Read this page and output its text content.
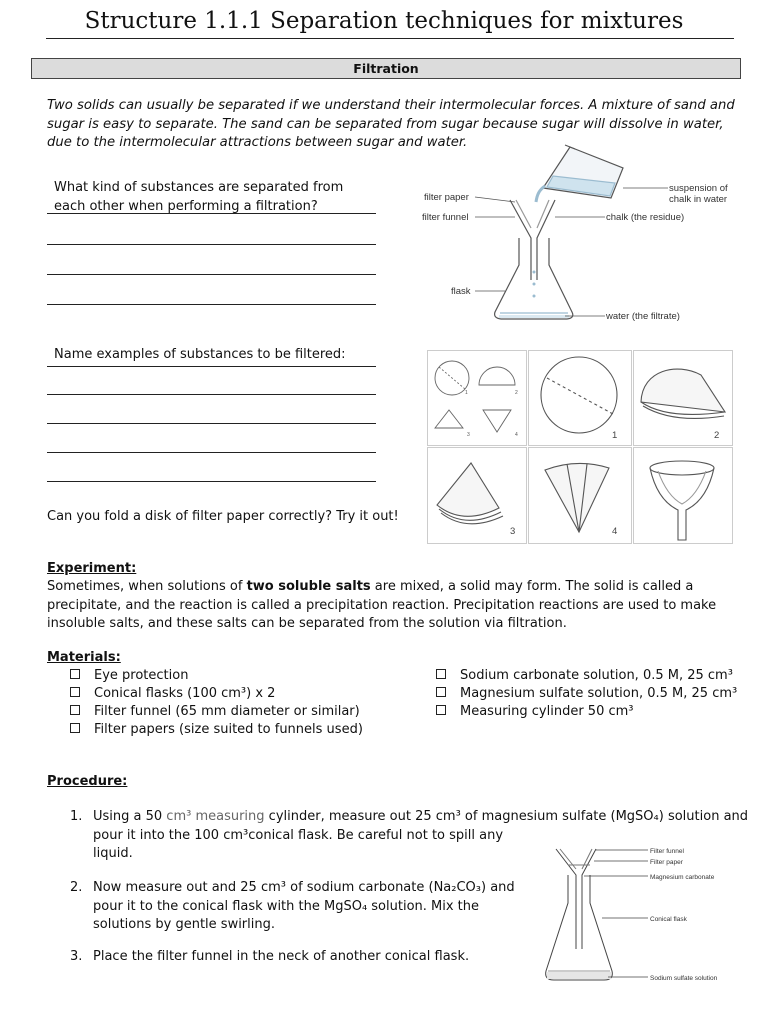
Structure 1.1.1 Separation techniques for mixtures
Filtration
Two solids can usually be separated if we understand their intermolecular forces. A mixture of sand and sugar is easy to separate. The sand can be separated from sugar because sugar will dissolve in water, due to the intermolecular attractions between sugar and water.
What kind of substances are separated from each other when performing a filtration?
Name examples of substances to be filtered:
Can you fold a disk of filter paper correctly? Try it out!
filter paper
filter funnel
flask
suspension of
chalk in water
chalk (the residue)
water (the filtrate)
1	2
3	4	1	2
3	4
Experiment:
Sometimes, when solutions of two soluble salts are mixed, a solid may form. The solid is called a precipitate, and the reaction is called a precipitation reaction. Precipitation reactions are used to make insoluble salts, and these salts can be separated from the solution via filtration.
Materials:
Eye protection
Conical flasks (100 cm³) x 2
Filter funnel (65 mm diameter or similar)
Filter papers (size suited to funnels used)
Sodium carbonate solution, 0.5 M, 25 cm³
Magnesium sulfate solution, 0.5 M, 25 cm³
Measuring cylinder 50 cm³
Procedure:
1. Using a 50 cm³ measuring cylinder, measure out 25 cm³ of magnesium sulfate (MgSO₄) solution and
pour it into the 100 cm³conical flask. Be careful not to spill any
liquid.
2. Now measure out and 25 cm³ of sodium carbonate (Na₂CO₃) and
pour it to the conical flask with the MgSO₄ solution. Mix the
solutions by gentle swirling.
3. Place the filter funnel in the neck of another conical flask.
Filter funnel
Filter paper
Magnesium carbonate
Conical flask
Sodium sulfate solution
